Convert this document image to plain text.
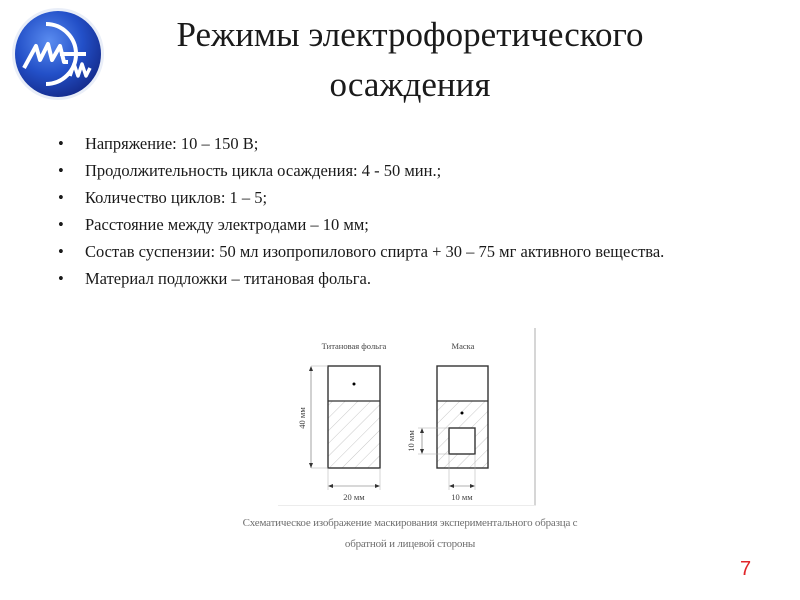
Режимы электрофоретического
осаждения
• Напряжение: 10 – 150 В;
• Продолжительность цикла осаждения: 4 - 50 мин.;
• Количество циклов: 1 – 5;
• Расстояние между электродами – 10 мм;
• Состав суспензии: 50 мл изопропилового спирта + 30 – 75 мг активного вещества.
• Материал подложки – титановая фольга.
Титановая фольга	Маска
40 мм
20 мм
10 мм
10 мм
Схематическое изображение маскирования экспериментального образца с
обратной и лицевой стороны
7
